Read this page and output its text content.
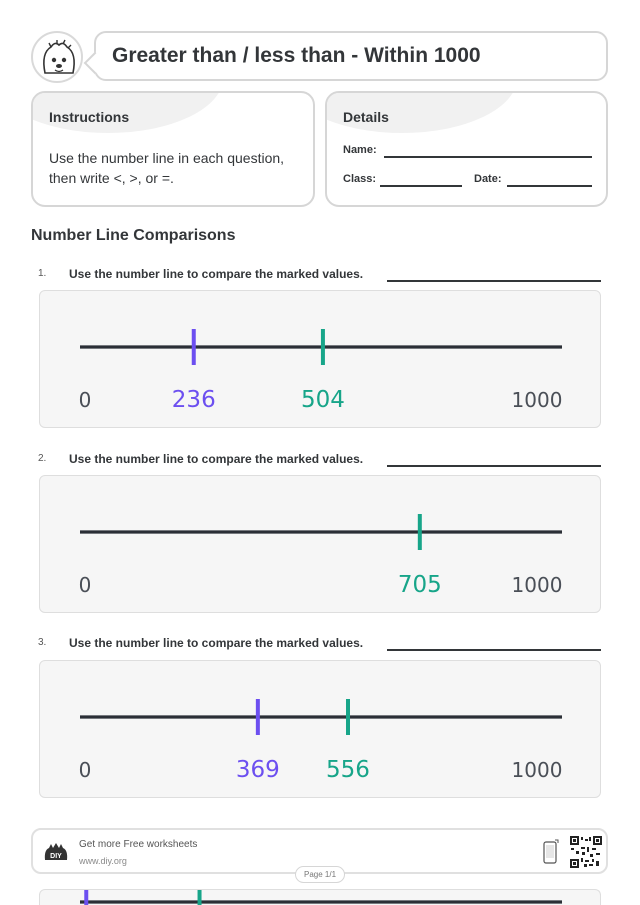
Greater than / less than - Within 1000
Instructions
Use the number line in each question, then write <, >, or =.
Details
Name:
Class:	Date:
Number Line Comparisons
1. Use the number line to compare the marked values.
0	1000
236	504
2. Use the number line to compare the marked values.
0	1000
705
3. Use the number line to compare the marked values.
0	1000
369 556
DIY
Get more Free worksheets
www.diy.org
Page 1/1
